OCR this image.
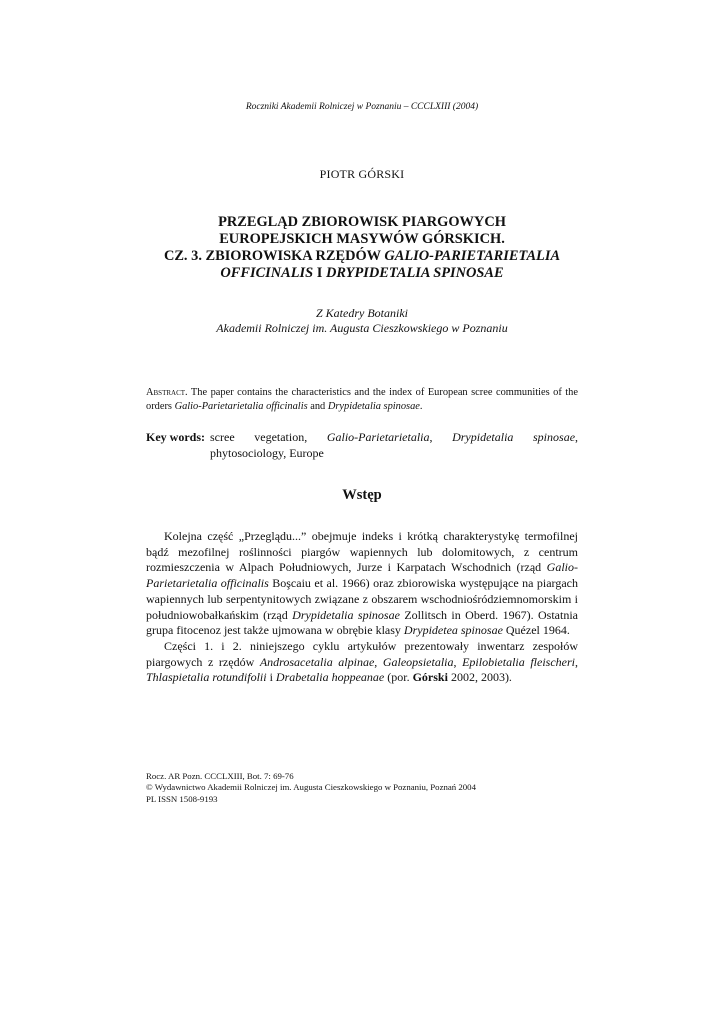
Roczniki Akademii Rolniczej w Poznaniu – CCCLXIII (2004)
PIOTR GÓRSKI
PRZEGLĄD ZBIOROWISK PIARGOWYCH
EUROPEJSKICH MASYWÓW GÓRSKICH.
CZ. 3. ZBIOROWISKA RZĘDÓW GALIO-PARIETARIETALIA
OFFICINALIS I DRYPIDETALIA SPINOSAE
Z Katedry Botaniki
Akademii Rolniczej im. Augusta Cieszkowskiego w Poznaniu
Abstract. The paper contains the characteristics and the index of European scree communities of the orders Galio-Parietarietalia officinalis and Drypidetalia spinosae.
Key words: scree vegetation, Galio-Parietarietalia, Drypidetalia spinosae, phytosociology, Europe
Wstęp

Kolejna część „Przeglądu...” obejmuje indeks i krótką charakterystykę termofilnej bądź mezofilnej roślinności piargów wapiennych lub dolomitowych, z centrum rozmieszczenia w Alpach Południowych, Jurze i Karpatach Wschodnich (rząd Galio-Parietarietalia officinalis Boşcaiu et al. 1966) oraz zbiorowiska występujące na piargach wapiennych lub serpentynitowych związane z obszarem wschodniośródziemnomorskim i południowobałkańskim (rząd Drypidetalia spinosae Zollitsch in Oberd. 1967). Ostatnia grupa fitocenoz jest także ujmowana w obrębie klasy Drypidetea spinosae Quézel 1964.

Części 1. i 2. niniejszego cyklu artykułów prezentowały inwentarz zespołów piargowych z rzędów Androsacetalia alpinae, Galeopsietalia, Epilobietalia fleischeri, Thlaspietalia rotundifolii i Drabetalia hoppeanae (por. Górski 2002, 2003).

Rocz. AR Pozn. CCCLXIII, Bot. 7: 69-76
© Wydawnictwo Akademii Rolniczej im. Augusta Cieszkowskiego w Poznaniu, Poznań 2004
PL ISSN 1508-9193
